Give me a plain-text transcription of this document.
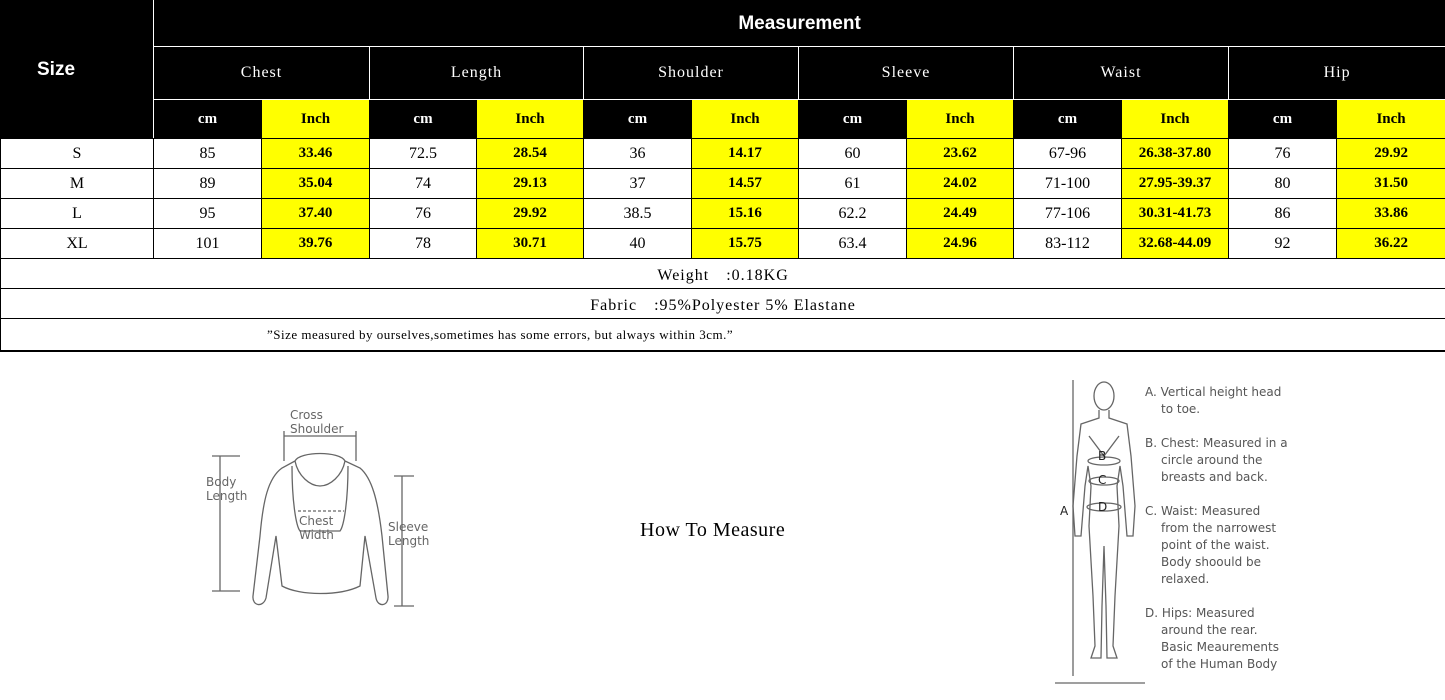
Size	Measurement											
	Chest		Length		Shoulder		Sleeve		Waist		Hip	
	cm	Inch	cm	Inch	cm	Inch	cm	Inch	cm	Inch	cm	Inch
S	85	33.46	72.5	28.54	36	14.17	60	23.62	67-96	26.38-37.80	76	29.92
M	89	35.04	74	29.13	37	14.57	61	24.02	71-100	27.95-39.37	80	31.50
L	95	37.40	76	29.92	38.5	15.16	62.2	24.49	77-106	30.31-41.73	86	33.86
XL	101	39.76	78	30.71	40	15.75	63.4	24.96	83-112	32.68-44.09	92	36.22
Weight　:0.18KG												
Fabric　:95%Polyester 5% Elastane												
”Size measured by ourselves,sometimes has some errors, but always within 3cm.”												
Cross
Shoulder
Body
Length
Chest
Width
Sleeve
Length	How To Measure
B
C
D
A
A. Vertical height head
to toe.
B. Chest: Measured in a
circle around the
breasts and back.
C. Waist: Measured
from the narrowest
point of the waist.
Body shoould be
relaxed.
D. Hips: Measured
around the rear.
Basic Meaurements
of the Human Body
